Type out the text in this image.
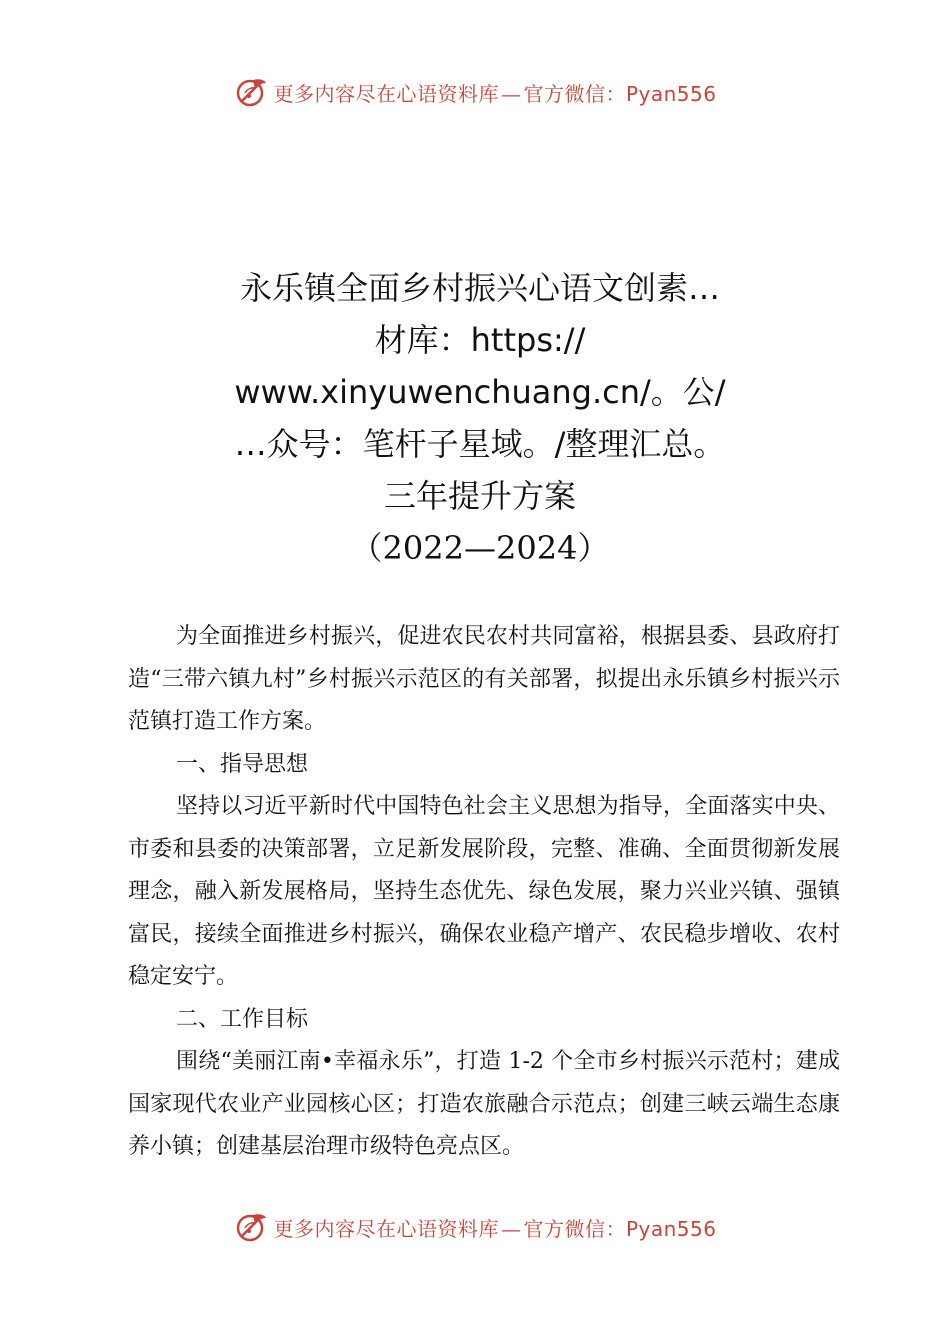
更多内容尽在心语资料库 — 官方微信：Pyan556
永乐镇全面乡村振兴心语文创素…
材库：https://
www.xinyuwenchuang.cn/。公/
…众号：笔杆子星域。/整理汇总。
三年提升方案
（2022—2024）

为全面推进乡村振兴，促进农民农村共同富裕，根据县委、县政府打造“三带六镇九村”乡村振兴示范区的有关部署，拟提出永乐镇乡村振兴示范镇打造工作方案。

一、指导思想

坚持以习近平新时代中国特色社会主义思想为指导，全面落实中央、市委和县委的决策部署，立足新发展阶段，完整、准确、全面贯彻新发展理念，融入新发展格局，坚持生态优先、绿色发展，聚力兴业兴镇、强镇富民，接续全面推进乡村振兴，确保农业稳产增产、农民稳步增收、农村稳定安宁。

二、工作目标

围绕“美丽江南•幸福永乐”，打造 1-2 个全市乡村振兴示范村；建成国家现代农业产业园核心区；打造农旅融合示范点；创建三峡云端生态康养小镇；创建基层治理市级特色亮点区。

更多内容尽在心语资料库 — 官方微信：Pyan556
